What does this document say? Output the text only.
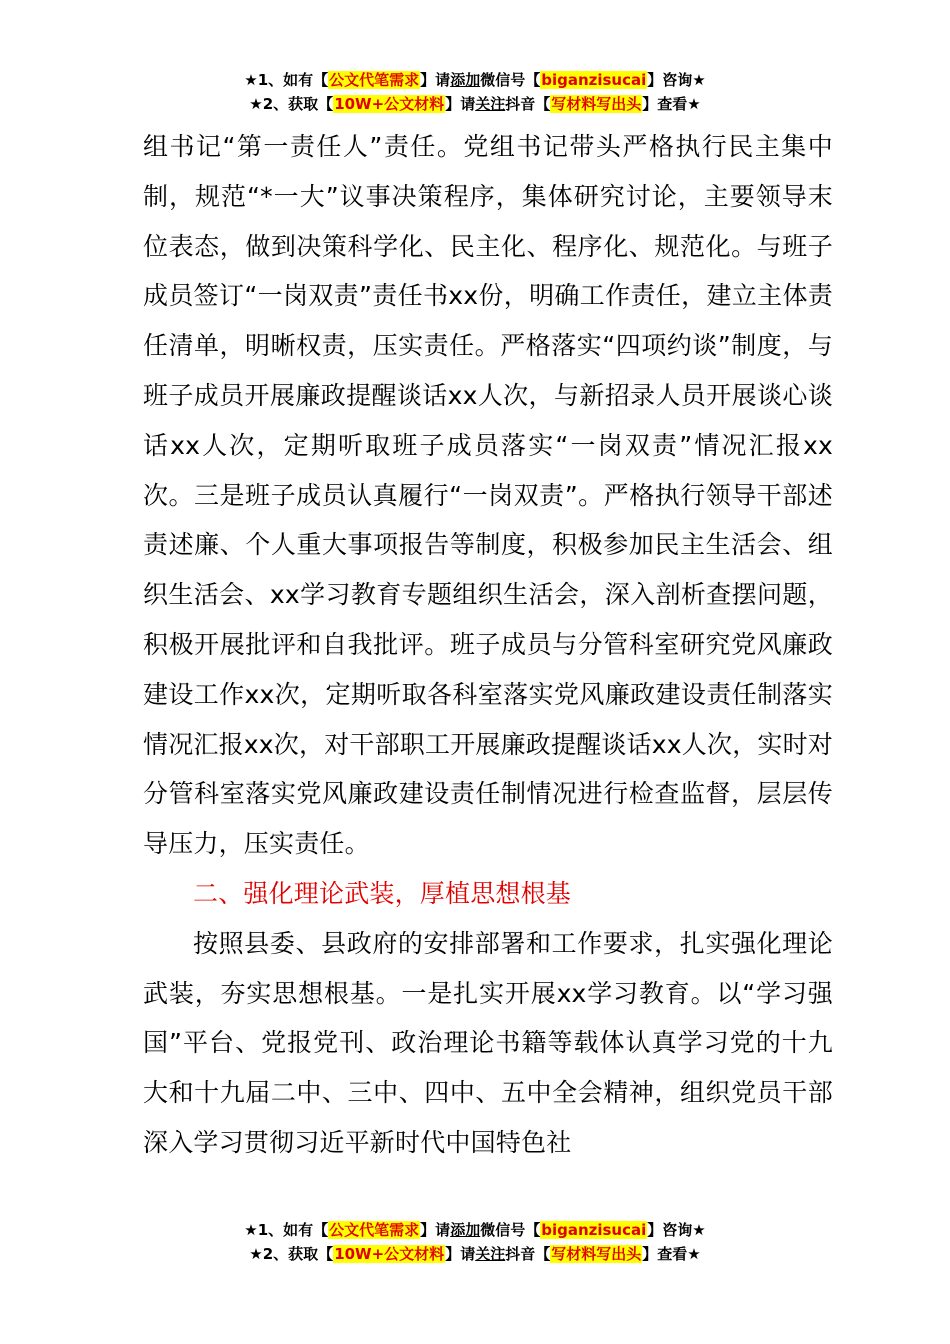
★1、如有【公文代笔需求】请添加微信号【biganzisucai】咨询★
★2、获取【10W+公文材料】请关注抖音【写材料写出头】查看★

组书记“第一责任人”责任。党组书记带头严格执行民主集中制，规范“*一大”议事决策程序，集体研究讨论，主要领导末位表态，做到决策科学化、民主化、程序化、规范化。与班子成员签订“一岗双责”责任书xx份，明确工作责任，建立主体责任清单，明晰权责，压实责任。严格落实“四项约谈”制度，与班子成员开展廉政提醒谈话xx人次，与新招录人员开展谈心谈话xx人次，定期听取班子成员落实“一岗双责”情况汇报xx次。三是班子成员认真履行“一岗双责”。严格执行领导干部述责述廉、个人重大事项报告等制度，积极参加民主生活会、组织生活会、xx学习教育专题组织生活会，深入剖析查摆问题，积极开展批评和自我批评。班子成员与分管科室研究党风廉政建设工作xx次，定期听取各科室落实党风廉政建设责任制落实情况汇报xx次，对干部职工开展廉政提醒谈话xx人次，实时对分管科室落实党风廉政建设责任制情况进行检查监督，层层传导压力，压实责任。

二、强化理论武装，厚植思想根基

按照县委、县政府的安排部署和工作要求，扎实强化理论武装，夯实思想根基。一是扎实开展xx学习教育。以“学习强国”平台、党报党刊、政治理论书籍等载体认真学习党的十九大和十九届二中、三中、四中、五中全会精神，组织党员干部深入学习贯彻习近平新时代中国特色社

★1、如有【公文代笔需求】请添加微信号【biganzisucai】咨询★
★2、获取【10W+公文材料】请关注抖音【写材料写出头】查看★
